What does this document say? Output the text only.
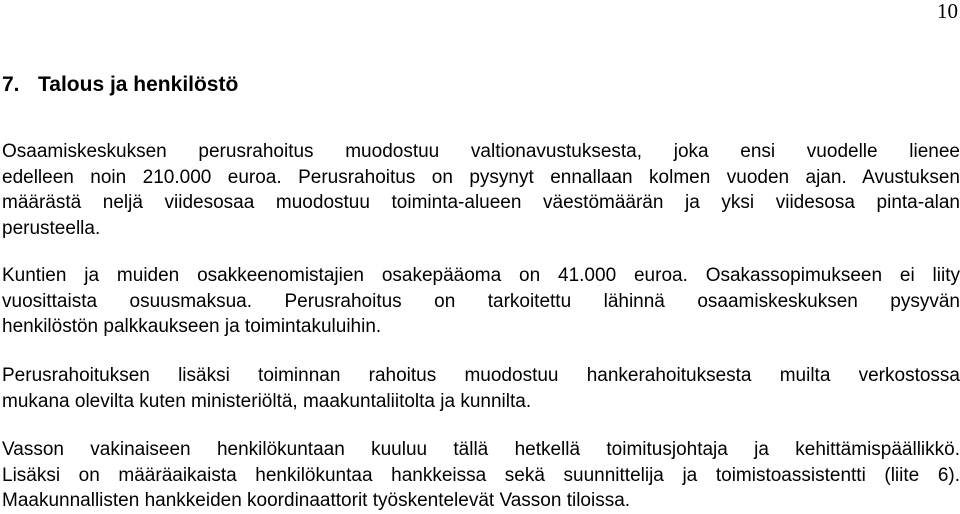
10
7. Talous ja henkilöstö

Osaamiskeskuksen perusrahoitus muodostuu valtionavustuksesta, joka ensi vuodelle lienee
edelleen noin 210.000 euroa. Perusrahoitus on pysynyt ennallaan kolmen vuoden ajan. Avustuksen
määrästä neljä viidesosaa muodostuu toiminta-alueen väestömäärän ja yksi viidesosa pinta-alan
perusteella.

Kuntien ja muiden osakkeenomistajien osakepääoma on 41.000 euroa. Osakassopimukseen ei liity
vuosittaista osuusmaksua. Perusrahoitus on tarkoitettu lähinnä osaamiskeskuksen pysyvän
henkilöstön palkkaukseen ja toimintakuluihin.

Perusrahoituksen lisäksi toiminnan rahoitus muodostuu hankerahoituksesta muilta verkostossa
mukana olevilta kuten ministeriöltä, maakuntaliitolta ja kunnilta.

Vasson vakinaiseen henkilökuntaan kuuluu tällä hetkellä toimitusjohtaja ja kehittämispäällikkö.
Lisäksi on määräaikaista henkilökuntaa hankkeissa sekä suunnittelija ja toimistoassistentti (liite 6).
Maakunnallisten hankkeiden koordinaattorit työskentelevät Vasson tiloissa.
